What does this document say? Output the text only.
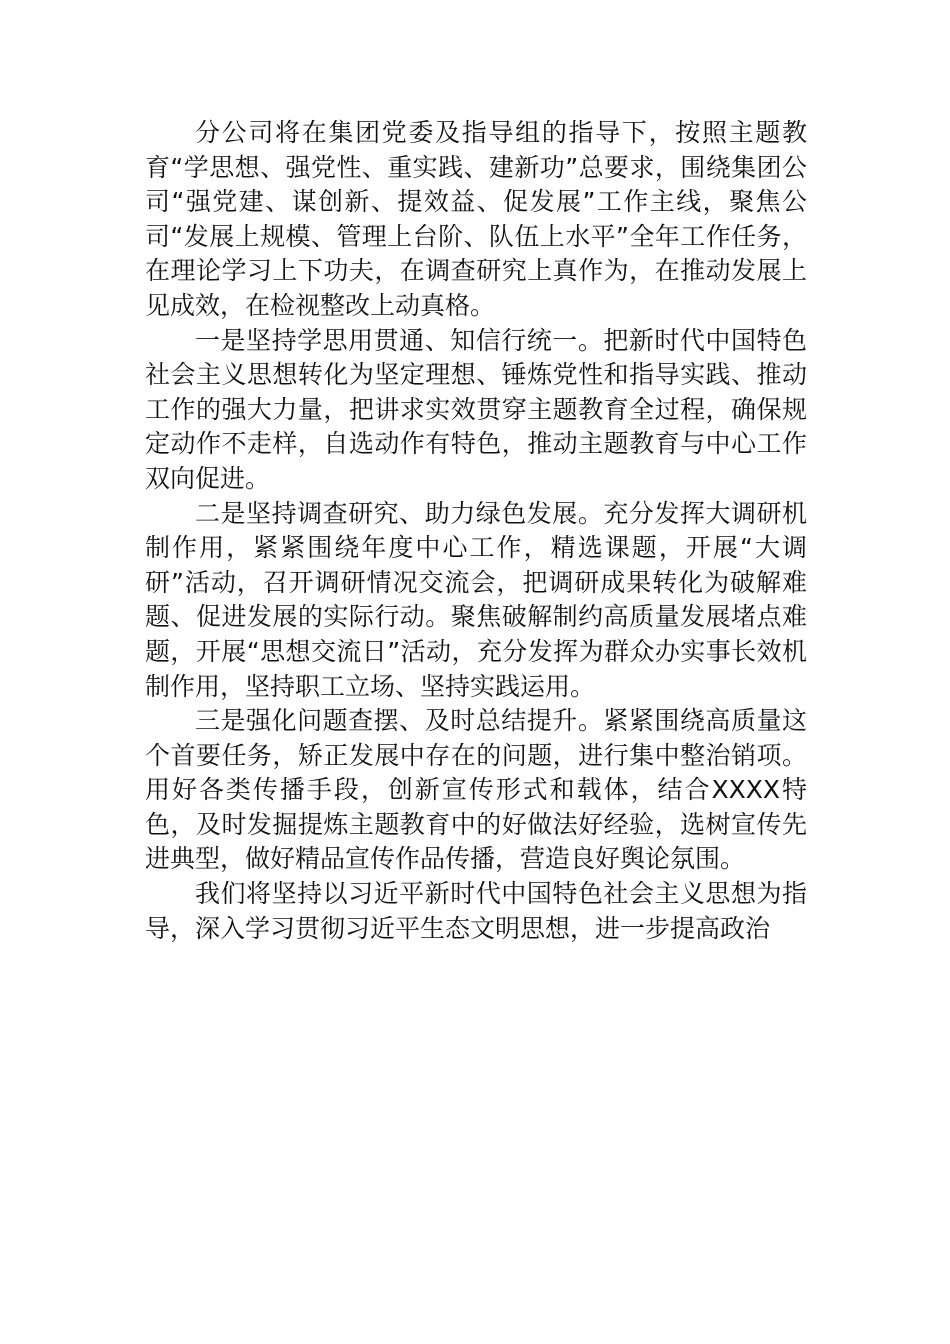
分公司将在集团党委及指导组的指导下，按照主题教育“学思想、强党性、重实践、建新功”总要求，围绕集团公司“强党建、谋创新、提效益、促发展”工作主线，聚焦公司“发展上规模、管理上台阶、队伍上水平”全年工作任务，在理论学习上下功夫，在调查研究上真作为，在推动发展上见成效，在检视整改上动真格。

一是坚持学思用贯通、知信行统一。把新时代中国特色社会主义思想转化为坚定理想、锤炼党性和指导实践、推动工作的强大力量，把讲求实效贯穿主题教育全过程，确保规定动作不走样，自选动作有特色，推动主题教育与中心工作双向促进。

二是坚持调查研究、助力绿色发展。充分发挥大调研机制作用，紧紧围绕年度中心工作，精选课题，开展“大调研”活动，召开调研情况交流会，把调研成果转化为破解难题、促进发展的实际行动。聚焦破解制约高质量发展堵点难题，开展“思想交流日”活动，充分发挥为群众办实事长效机制作用，坚持职工立场、坚持实践运用。

三是强化问题查摆、及时总结提升。紧紧围绕高质量这个首要任务，矫正发展中存在的问题，进行集中整治销项。用好各类传播手段，创新宣传形式和载体，结合XXXX特色，及时发掘提炼主题教育中的好做法好经验，选树宣传先进典型，做好精品宣传作品传播，营造良好舆论氛围。

我们将坚持以习近平新时代中国特色社会主义思想为指导，深入学习贯彻习近平生态文明思想，进一步提高政治
